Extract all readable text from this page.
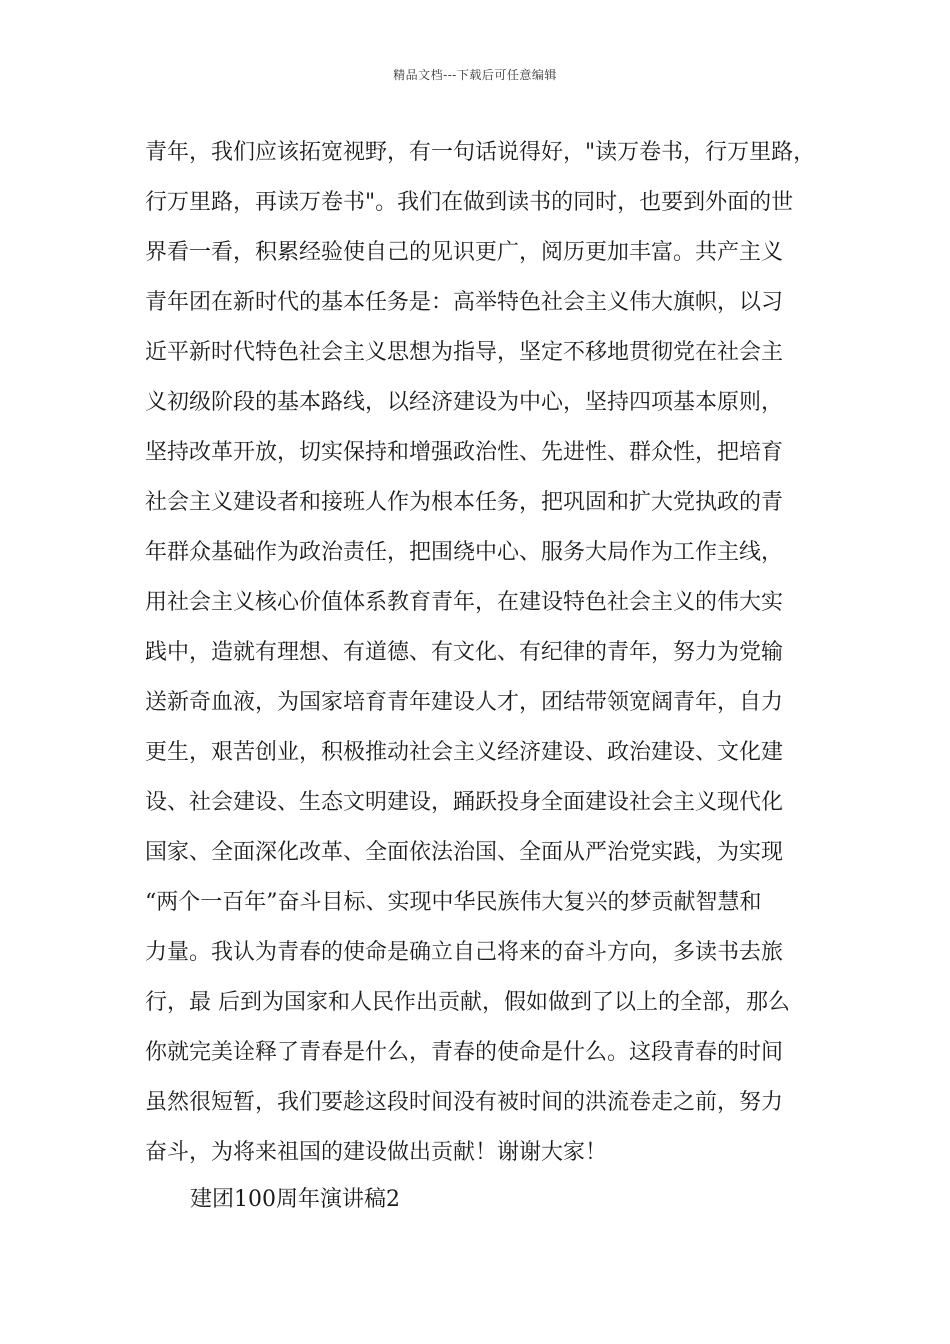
精品文档---下载后可任意编辑
青年，我们应该拓宽视野，有一句话说得好，"读万卷书，行万里路，
行万里路，再读万卷书"。我们在做到读书的同时，也要到外面的世
界看一看，积累经验使自己的见识更广，阅历更加丰富。共产主义
青年团在新时代的基本任务是：高举特色社会主义伟大旗帜，以习
近平新时代特色社会主义思想为指导，坚定不移地贯彻党在社会主
义初级阶段的基本路线，以经济建设为中心，坚持四项基本原则，
坚持改革开放，切实保持和增强政治性、先进性、群众性，把培育
社会主义建设者和接班人作为根本任务，把巩固和扩大党执政的青
年群众基础作为政治责任，把围绕中心、服务大局作为工作主线，
用社会主义核心价值体系教育青年，在建设特色社会主义的伟大实
践中，造就有理想、有道德、有文化、有纪律的青年，努力为党输
送新奇血液，为国家培育青年建设人才，团结带领宽阔青年，自力
更生，艰苦创业，积极推动社会主义经济建设、政治建设、文化建
设、社会建设、生态文明建设，踊跃投身全面建设社会主义现代化
国家、全面深化改革、全面依法治国、全面从严治党实践，为实现
“两个一百年”奋斗目标、实现中华民族伟大复兴的梦贡献智慧和
力量。我认为青春的使命是确立自己将来的奋斗方向，多读书去旅
行，最 后到为国家和人民作出贡献，假如做到了以上的全部，那么
你就完美诠释了青春是什么，青春的使命是什么。这段青春的时间
虽然很短暂，我们要趁这段时间没有被时间的洪流卷走之前，努力
奋斗，为将来祖国的建设做出贡献！谢谢大家！
建团100周年演讲稿2
